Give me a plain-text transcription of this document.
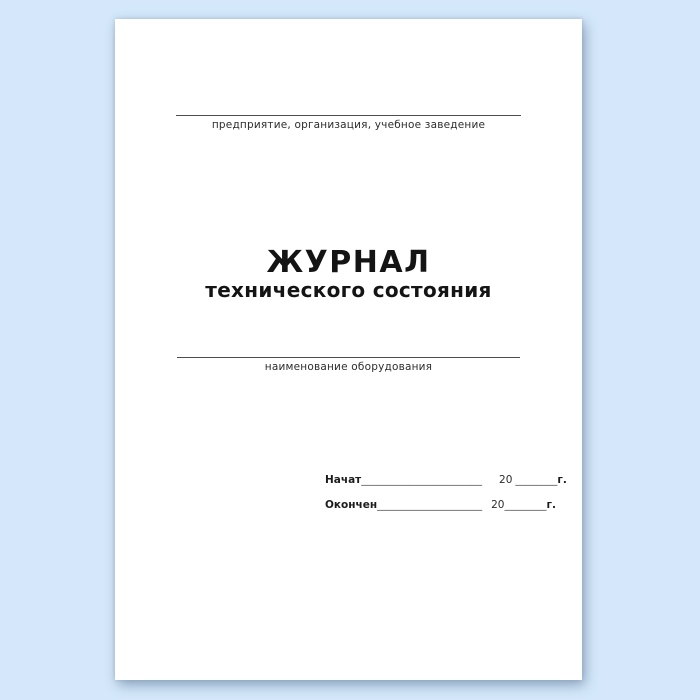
предприятие, организация, учебное заведение
ЖУРНАЛ
технического состояния
наименование оборудования
Начат_______________________ 20 ________г.
Окончен____________________ 20________г.
